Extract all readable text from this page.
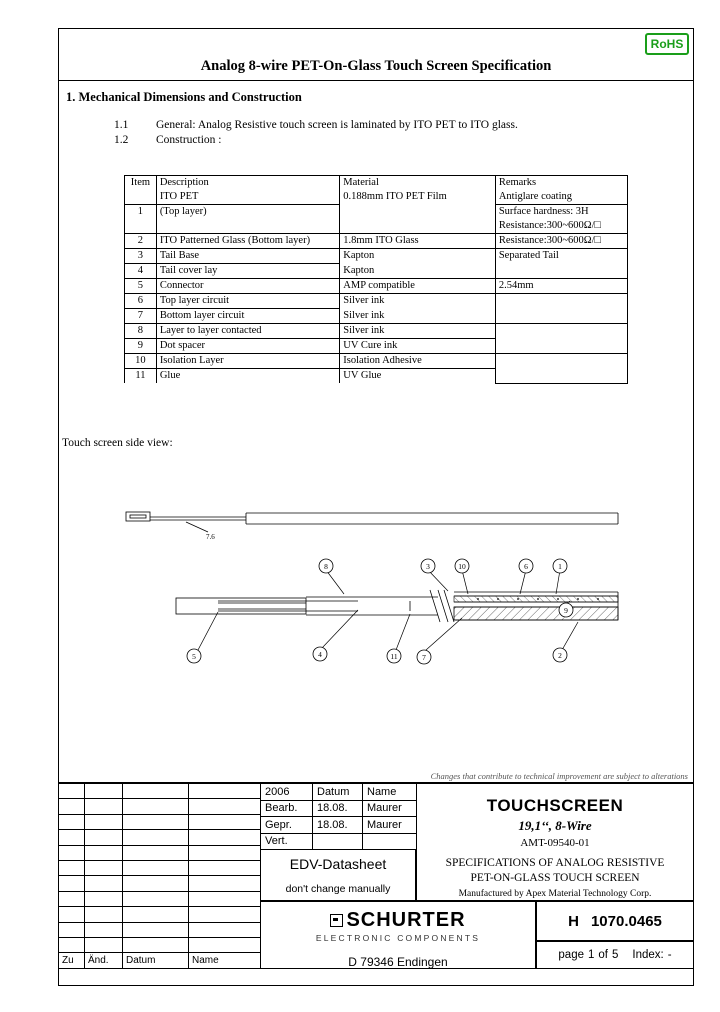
RoHS
Analog 8-wire PET-On-Glass Touch Screen Specification
1. Mechanical Dimensions and Construction
1.1 General: Analog Resistive touch screen is laminated by ITO PET to ITO glass.
1.2 Construction :
Item	Description	Material	Remarks
	ITO PET	0.188mm ITO PET Film	Antiglare coating
1	(Top layer)		Surface hardness: 3H
			Resistance:300~600Ω/□
2	ITO Patterned Glass (Bottom layer)	1.8mm ITO Glass	Resistance:300~600Ω/□
3	Tail Base	Kapton	Separated Tail
4	Tail cover lay	Kapton	
5	Connector	AMP compatible	2.54mm
6	Top layer circuit	Silver ink	
7	Bottom layer circuit	Silver ink	
8	Layer to layer contacted	Silver ink	
9	Dot spacer	UV Cure ink	
10	Isolation Layer	Isolation Adhesive	
11	Glue	UV Glue	
Touch screen side view:
7.6
8	3	10	6	1
9
5	4	11	7	2
Changes that contribute to technical improvement are subject to alterations

Zu	Änd.	Datum	Name
2006	Datum	Name
Bearb.	18.08.	Maurer
Gepr.	18.08.	Maurer
Vert.		
EDV-Datasheet
don't change manually
TOUCHSCREEN
19,1‘‘, 8-Wire
AMT-09540-01
SPECIFICATIONS OF ANALOG RESISTIVE
PET-ON-GLASS TOUCH SCREEN
Manufactured by Apex Material Technology Corp.
SCHURTER
ELECTRONIC COMPONENTS
D 79346 Endingen
H 1070.0465
page 1 of 5 Index: -
